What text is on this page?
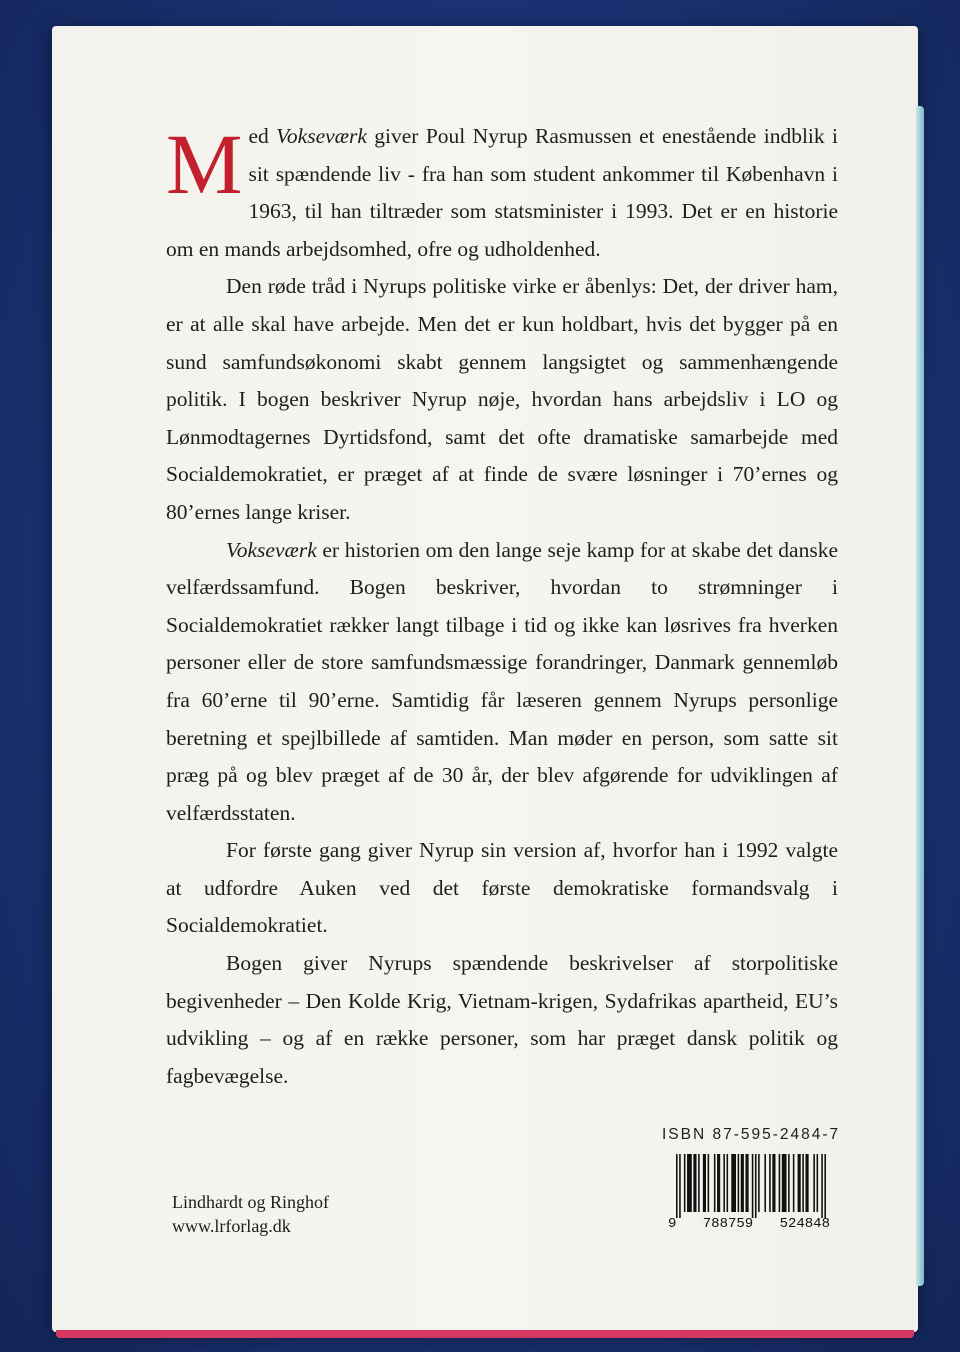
Med Vokseværk giver Poul Nyrup Rasmussen et enestående indblik i sit spændende liv - fra han som student ankommer til København i 1963, til han tiltræder som statsminister i 1993. Det er en historie om en mands arbejdsomhed, ofre og udholdenhed.

Den røde tråd i Nyrups politiske virke er åbenlys: Det, der driver ham, er at alle skal have arbejde. Men det er kun holdbart, hvis det bygger på en sund samfundsøkonomi skabt gennem langsigtet og sammenhængende politik. I bogen beskriver Nyrup nøje, hvordan hans arbejdsliv i LO og Lønmodtagernes Dyrtidsfond, samt det ofte dramatiske samarbejde med Socialdemokratiet, er præget af at finde de svære løsninger i 70’ernes og 80’ernes lange kriser.

Vokseværk er historien om den lange seje kamp for at skabe det danske velfærdssamfund. Bogen beskriver, hvordan to strømninger i Socialdemokratiet rækker langt tilbage i tid og ikke kan løsrives fra hverken personer eller de store samfundsmæssige forandringer, Danmark gennemløb fra 60’erne til 90’erne. Samtidig får læseren gennem Nyrups personlige beretning et spejlbillede af samtiden. Man møder en person, som satte sit præg på og blev præget af de 30 år, der blev afgørende for udviklingen af velfærdsstaten.

For første gang giver Nyrup sin version af, hvorfor han i 1992 valgte at udfordre Auken ved det første demokratiske formandsvalg i Socialdemokratiet.

Bogen giver Nyrups spændende beskrivelser af storpolitiske begivenheder – Den Kolde Krig, Vietnam-krigen, Sydafrikas apartheid, EU’s udvikling – og af en række personer, som har præget dansk politik og fagbevægelse.

Lindhardt og Ringhof
www.lrforlag.dk
ISBN 87-595-2484-7
9 788759 524848
